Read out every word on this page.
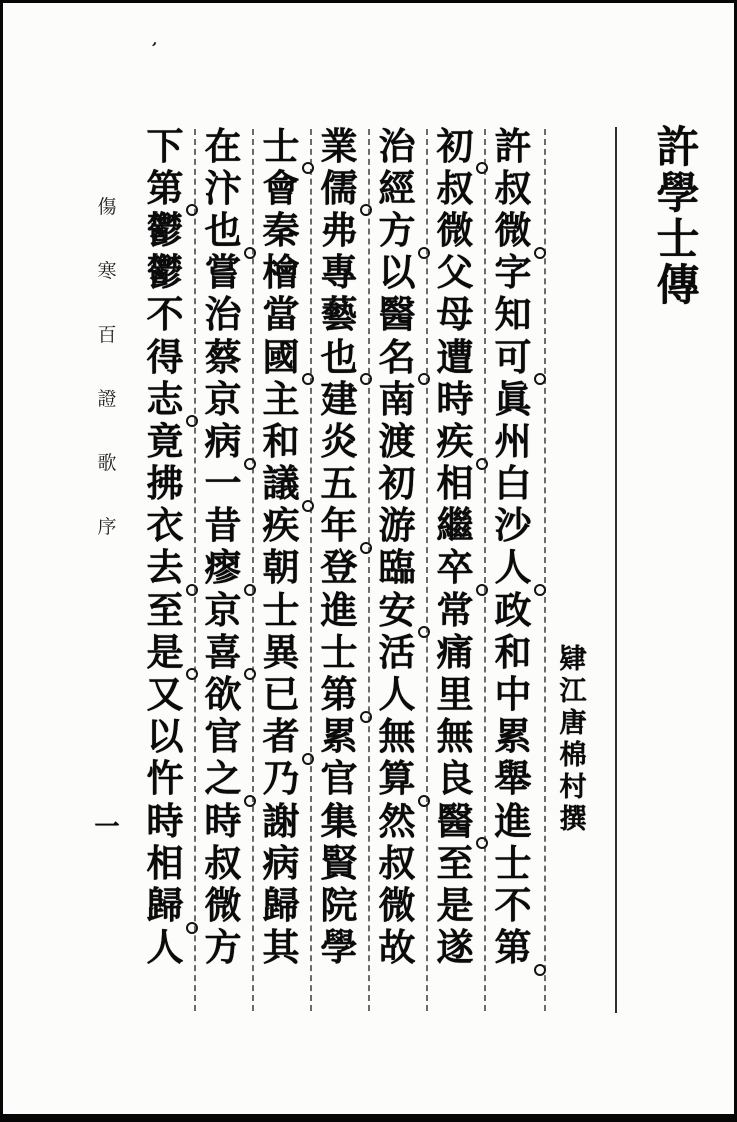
’
許
學
士
傳
肄
江
唐
棉
村
撰
許
叔
微
字
知
可
眞
州
白
沙
人
政
和
中
累
舉
進
士
不
第
初
叔
微
父
母
遭
時
疾
相
繼
卒
常
痛
里
無
良
醫
至
是
遂
治
經
方
以
醫
名
南
渡
初
游
臨
安
活
人
無
算
然
叔
微
故
業
儒
弗
專
藝
也
建
炎
五
年
登
進
士
第
累
官
集
賢
院
學
士
會
秦
檜
當
國
主
和
議
疾
朝
士
異
已
者
乃
謝
病
歸
其
在
汴
也
嘗
治
蔡
京
病
一
昔
瘳
京
喜
欲
官
之
時
叔
微
方
下
第
鬱
鬱
不
得
志
竟
拂
衣
去
至
是
又
以
忤
時
相
歸
人
傷
寒
百
證
歌
序
一
